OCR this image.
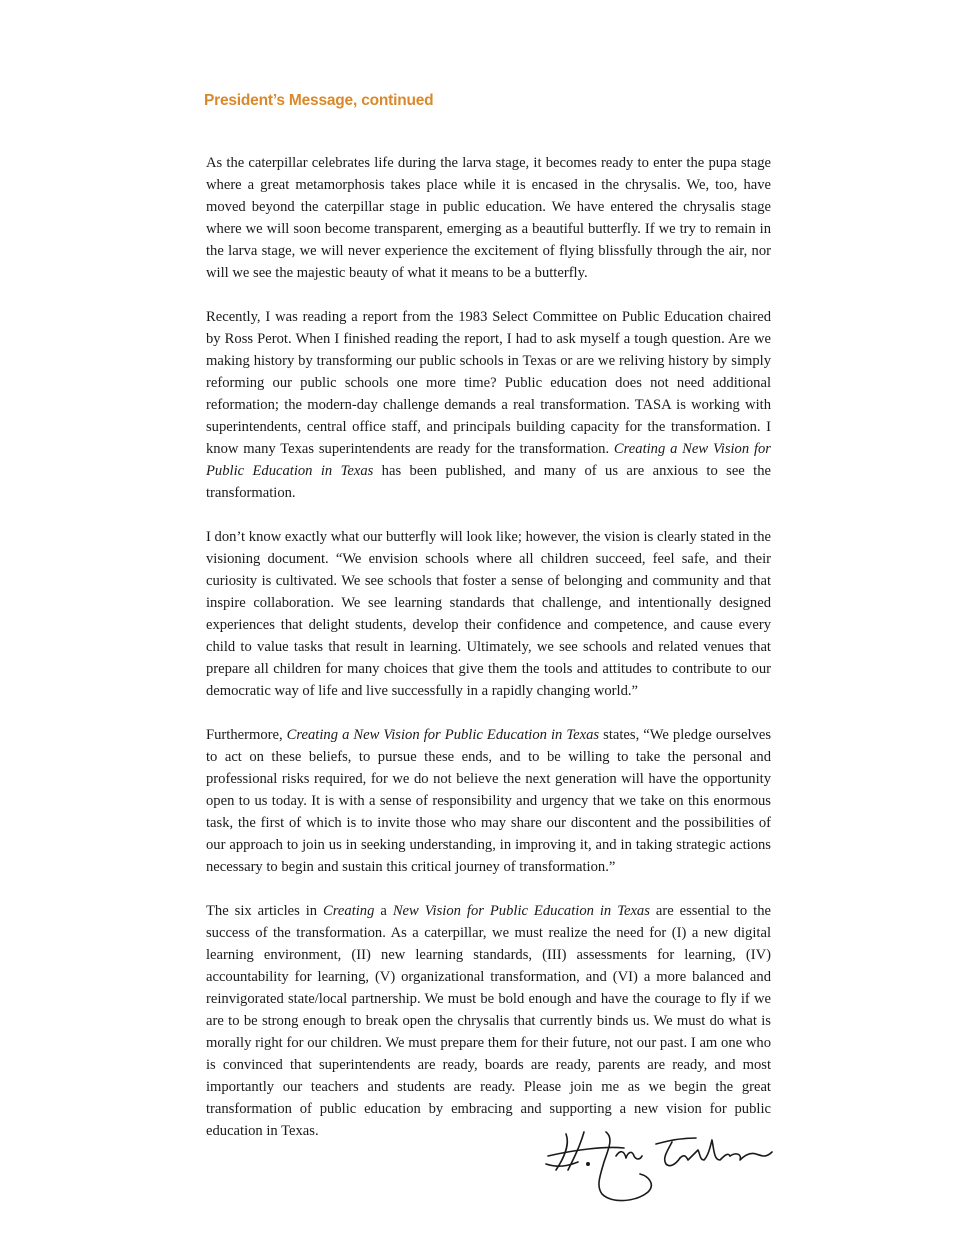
President’s Message, continued

As the caterpillar celebrates life during the larva stage, it becomes ready to enter the pupa stage where a great metamorphosis takes place while it is encased in the chrysalis. We, too, have moved beyond the caterpillar stage in public education. We have entered the chrysalis stage where we will soon become transparent, emerging as a beautiful butterfly. If we try to remain in the larva stage, we will never experience the excitement of flying blissfully through the air, nor will we see the majestic beauty of what it means to be a butterfly.

Recently, I was reading a report from the 1983 Select Committee on Public Education chaired by Ross Perot. When I finished reading the report, I had to ask myself a tough question. Are we making history by transforming our public schools in Texas or are we reliving history by simply reforming our public schools one more time? Public education does not need additional reformation; the modern-day challenge demands a real transformation. TASA is working with superintendents, central office staff, and principals building capacity for the transformation. I know many Texas superintendents are ready for the transformation. Creating a New Vision for Public Education in Texas has been published, and many of us are anxious to see the transformation.

I don’t know exactly what our butterfly will look like; however, the vision is clearly stated in the visioning document. “We envision schools where all children succeed, feel safe, and their curiosity is cultivated. We see schools that foster a sense of belonging and community and that inspire collaboration. We see learning standards that challenge, and intentionally designed experiences that delight students, develop their confidence and competence, and cause every child to value tasks that result in learning. Ultimately, we see schools and related venues that prepare all children for many choices that give them the tools and attitudes to contribute to our democratic way of life and live successfully in a rapidly changing world.”

Furthermore, Creating a New Vision for Public Education in Texas states, “We pledge ourselves to act on these beliefs, to pursue these ends, and to be willing to take the personal and professional risks required, for we do not believe the next generation will have the opportunity open to us today. It is with a sense of responsibility and urgency that we take on this enormous task, the first of which is to invite those who may share our discontent and the possibilities of our approach to join us in seeking understanding, in improving it, and in taking strategic actions necessary to begin and sustain this critical journey of transformation.”

The six articles in Creating a New Vision for Public Education in Texas are essential to the success of the transformation. As a caterpillar, we must realize the need for (I) a new digital learning environment, (II) new learning standards, (III) assessments for learning, (IV) accountability for learning, (V) organizational transformation, and (VI) a more balanced and reinvigorated state/local partnership. We must be bold enough and have the courage to fly if we are to be strong enough to break open the chrysalis that currently binds us. We must do what is morally right for our children. We must prepare them for their future, not our past. I am one who is convinced that superintendents are ready, boards are ready, parents are ready, and most importantly our teachers and students are ready. Please join me as we begin the great transformation of public education by embracing and supporting a new vision for public education in Texas.
